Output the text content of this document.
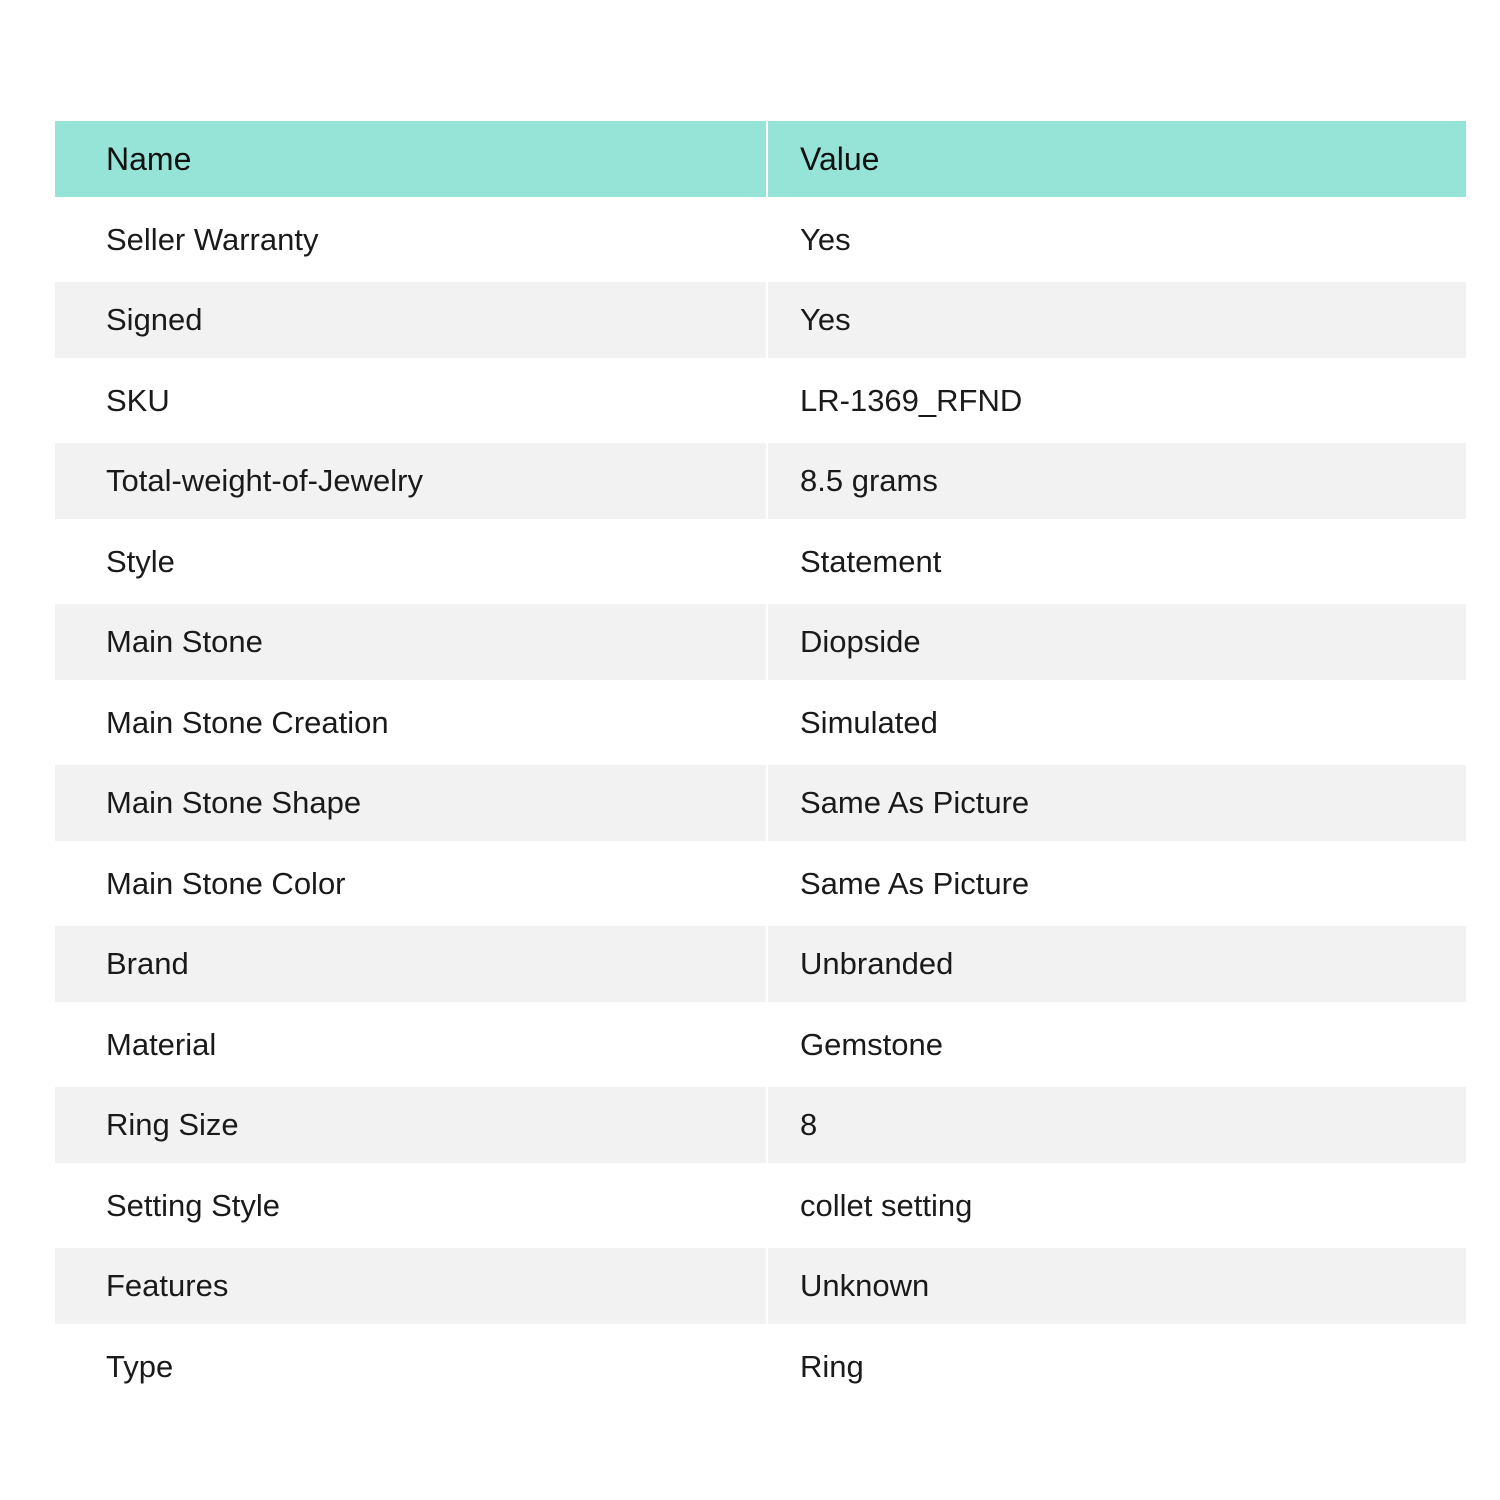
Name	Value
Seller Warranty	Yes
Signed	Yes
SKU	LR-1369_RFND
Total-weight-of-Jewelry	8.5 grams
Style	Statement
Main Stone	Diopside
Main Stone Creation	Simulated
Main Stone Shape	Same As Picture
Main Stone Color	Same As Picture
Brand	Unbranded
Material	Gemstone
Ring Size	8
Setting Style	collet setting
Features	Unknown
Type	Ring
